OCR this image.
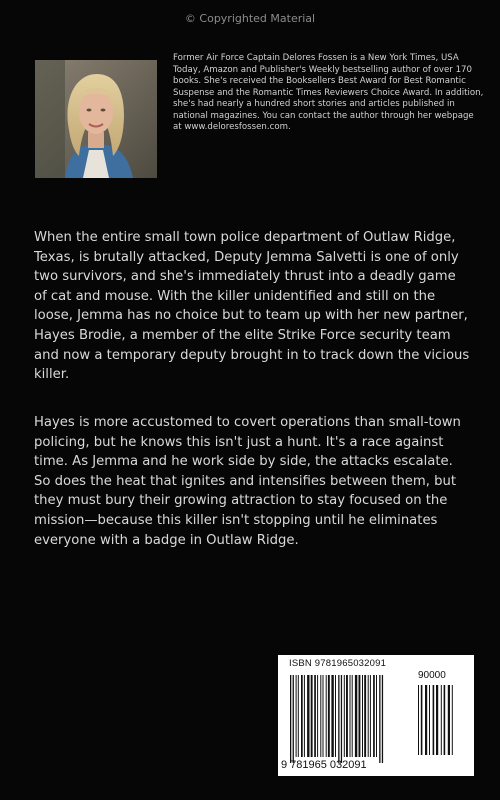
© Copyrighted Material

Former Air Force Captain Delores Fossen is a New York Times, USA Today, Amazon and Publisher's Weekly bestselling author of over 170 books. She's received the Booksellers Best Award for Best Romantic Suspense and the Romantic Times Reviewers Choice Award. In addition, she's had nearly a hundred short stories and articles published in national magazines. You can contact the author through her webpage at www.deloresfossen.com.

When the entire small town police department of Outlaw Ridge, Texas, is brutally attacked, Deputy Jemma Salvetti is one of only two survivors, and she's immediately thrust into a deadly game of cat and mouse. With the killer unidentified and still on the loose, Jemma has no choice but to team up with her new partner, Hayes Brodie, a member of the elite Strike Force security team and now a temporary deputy brought in to track down the vicious killer.

Hayes is more accustomed to covert operations than small-town policing, but he knows this isn't just a hunt. It's a race against time. As Jemma and he work side by side, the attacks escalate. So does the heat that ignites and intensifies between them, but they must bury their growing attraction to stay focused on the mission—because this killer isn't stopping until he eliminates everyone with a badge in Outlaw Ridge.

ISBN 9781965032091
90000
9 781965 032091
